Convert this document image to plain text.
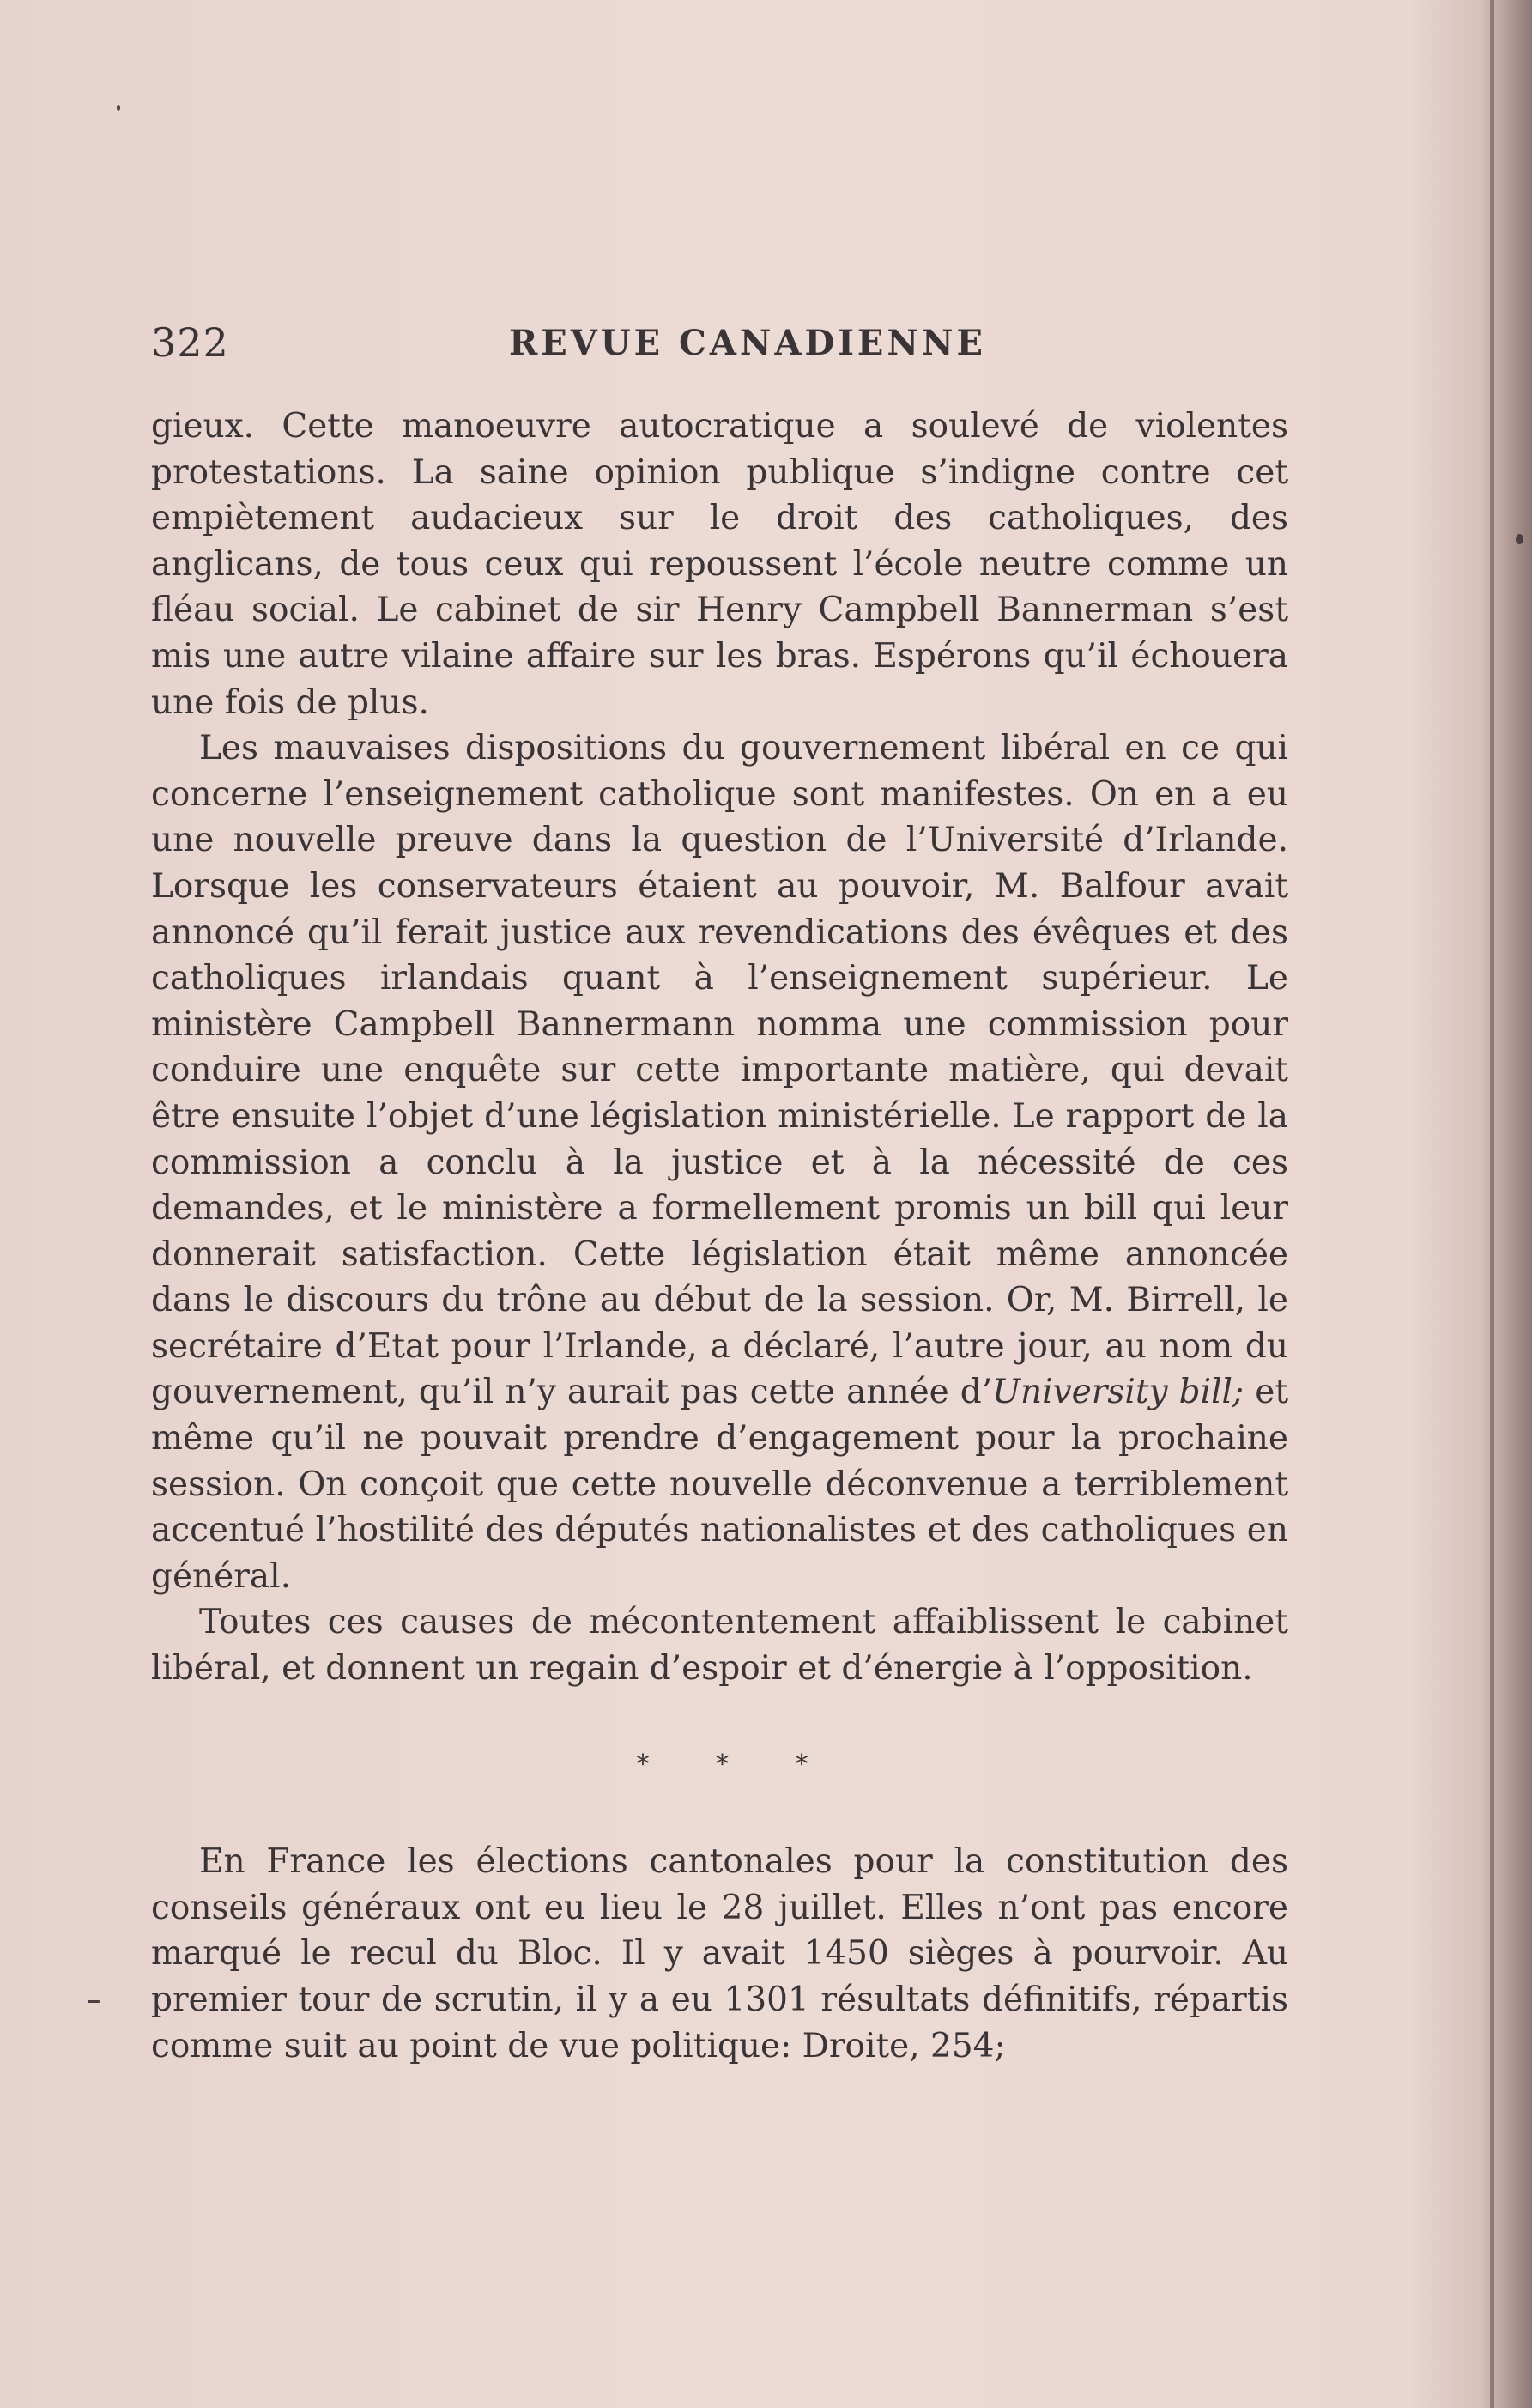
322	REVUE CANADIENNE

gieux. Cette manoeuvre autocratique a soulevé de violentes protestations. La saine opinion publique s’indigne contre cet empiètement audacieux sur le droit des catholiques, des anglicans, de tous ceux qui repoussent l’école neutre comme un fléau social. Le cabinet de sir Henry Campbell Bannerman s’est mis une autre vilaine affaire sur les bras. Espérons qu’il échouera une fois de plus.

Les mauvaises dispositions du gouvernement libéral en ce qui concerne l’enseignement catholique sont manifestes. On en a eu une nouvelle preuve dans la question de l’Université d’Irlande. Lorsque les conservateurs étaient au pouvoir, M. Balfour avait annoncé qu’il ferait justice aux revendications des évêques et des catholiques irlandais quant à l’enseignement supérieur. Le ministère Campbell Bannermann nomma une commission pour conduire une enquête sur cette importante matière, qui devait être ensuite l’objet d’une législation ministérielle. Le rapport de la commission a conclu à la justice et à la nécessité de ces demandes, et le ministère a formellement promis un bill qui leur donnerait satisfaction. Cette législation était même annoncée dans le discours du trône au début de la session. Or, M. Birrell, le secrétaire d’Etat pour l’Irlande, a déclaré, l’autre jour, au nom du gouvernement, qu’il n’y aurait pas cette année d’University bill; et même qu’il ne pouvait prendre d’engagement pour la prochaine session. On conçoit que cette nouvelle déconvenue a terriblement accentué l’hostilité des députés nationalistes et des catholiques en général.

Toutes ces causes de mécontentement affaiblissent le cabinet libéral, et donnent un regain d’espoir et d’énergie à l’opposition.

* * *

En France les élections cantonales pour la constitution des conseils généraux ont eu lieu le 28 juillet. Elles n’ont pas encore marqué le recul du Bloc. Il y avait 1450 sièges à pourvoir. Au premier tour de scrutin, il y a eu 1301 résultats définitifs, répartis comme suit au point de vue politique: Droite, 254;
